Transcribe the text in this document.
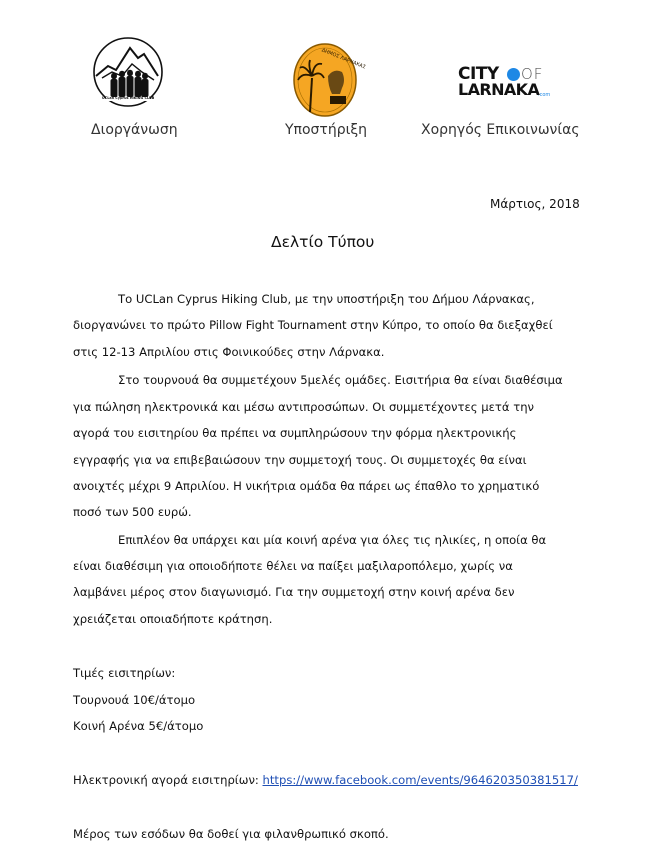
UCLan Cyprus HIKING CLUB
ΔΗΜΟΣ ΛΑΡΝΑΚΑΣ
CITY OF
LARNAKA
.com
Διοργάνωση	Υποστήριξη	Χορηγός Επικοινωνίας
Μάρτιος, 2018
Δελτίο Τύπου
Το UCLan Cyprus Hiking Club, με την υποστήριξη του Δήμου Λάρνακας,
διοργανώνει το πρώτο Pillow Fight Tournament στην Κύπρο, το οποίο θα διεξαχθεί
στις 12-13 Απριλίου στις Φοινικούδες στην Λάρνακα.
Στο τουρνουά θα συμμετέχουν 5μελές ομάδες. Εισιτήρια θα είναι διαθέσιμα
για πώληση ηλεκτρονικά και μέσω αντιπροσώπων. Οι συμμετέχοντες μετά την
αγορά του εισιτηρίου θα πρέπει να συμπληρώσουν την φόρμα ηλεκτρονικής
εγγραφής για να επιβεβαιώσουν την συμμετοχή τους. Οι συμμετοχές θα είναι
ανοιχτές μέχρι 9 Απριλίου. Η νικήτρια ομάδα θα πάρει ως έπαθλο το χρηματικό
ποσό των 500 ευρώ.
Επιπλέον θα υπάρχει και μία κοινή αρένα για όλες τις ηλικίες, η οποία θα
είναι διαθέσιμη για οποιοδήποτε θέλει να παίξει μαξιλαροπόλεμο, χωρίς να
λαμβάνει μέρος στον διαγωνισμό. Για την συμμετοχή στην κοινή αρένα δεν
χρειάζεται οποιαδήποτε κράτηση.
Τιμές εισιτηρίων:
Τουρνουά 10€/άτομο
Κοινή Αρένα 5€/άτομο
Ηλεκτρονική αγορά εισιτηρίων: https://www.facebook.com/events/964620350381517/
Μέρος των εσόδων θα δοθεί για φιλανθρωπικό σκοπό.
